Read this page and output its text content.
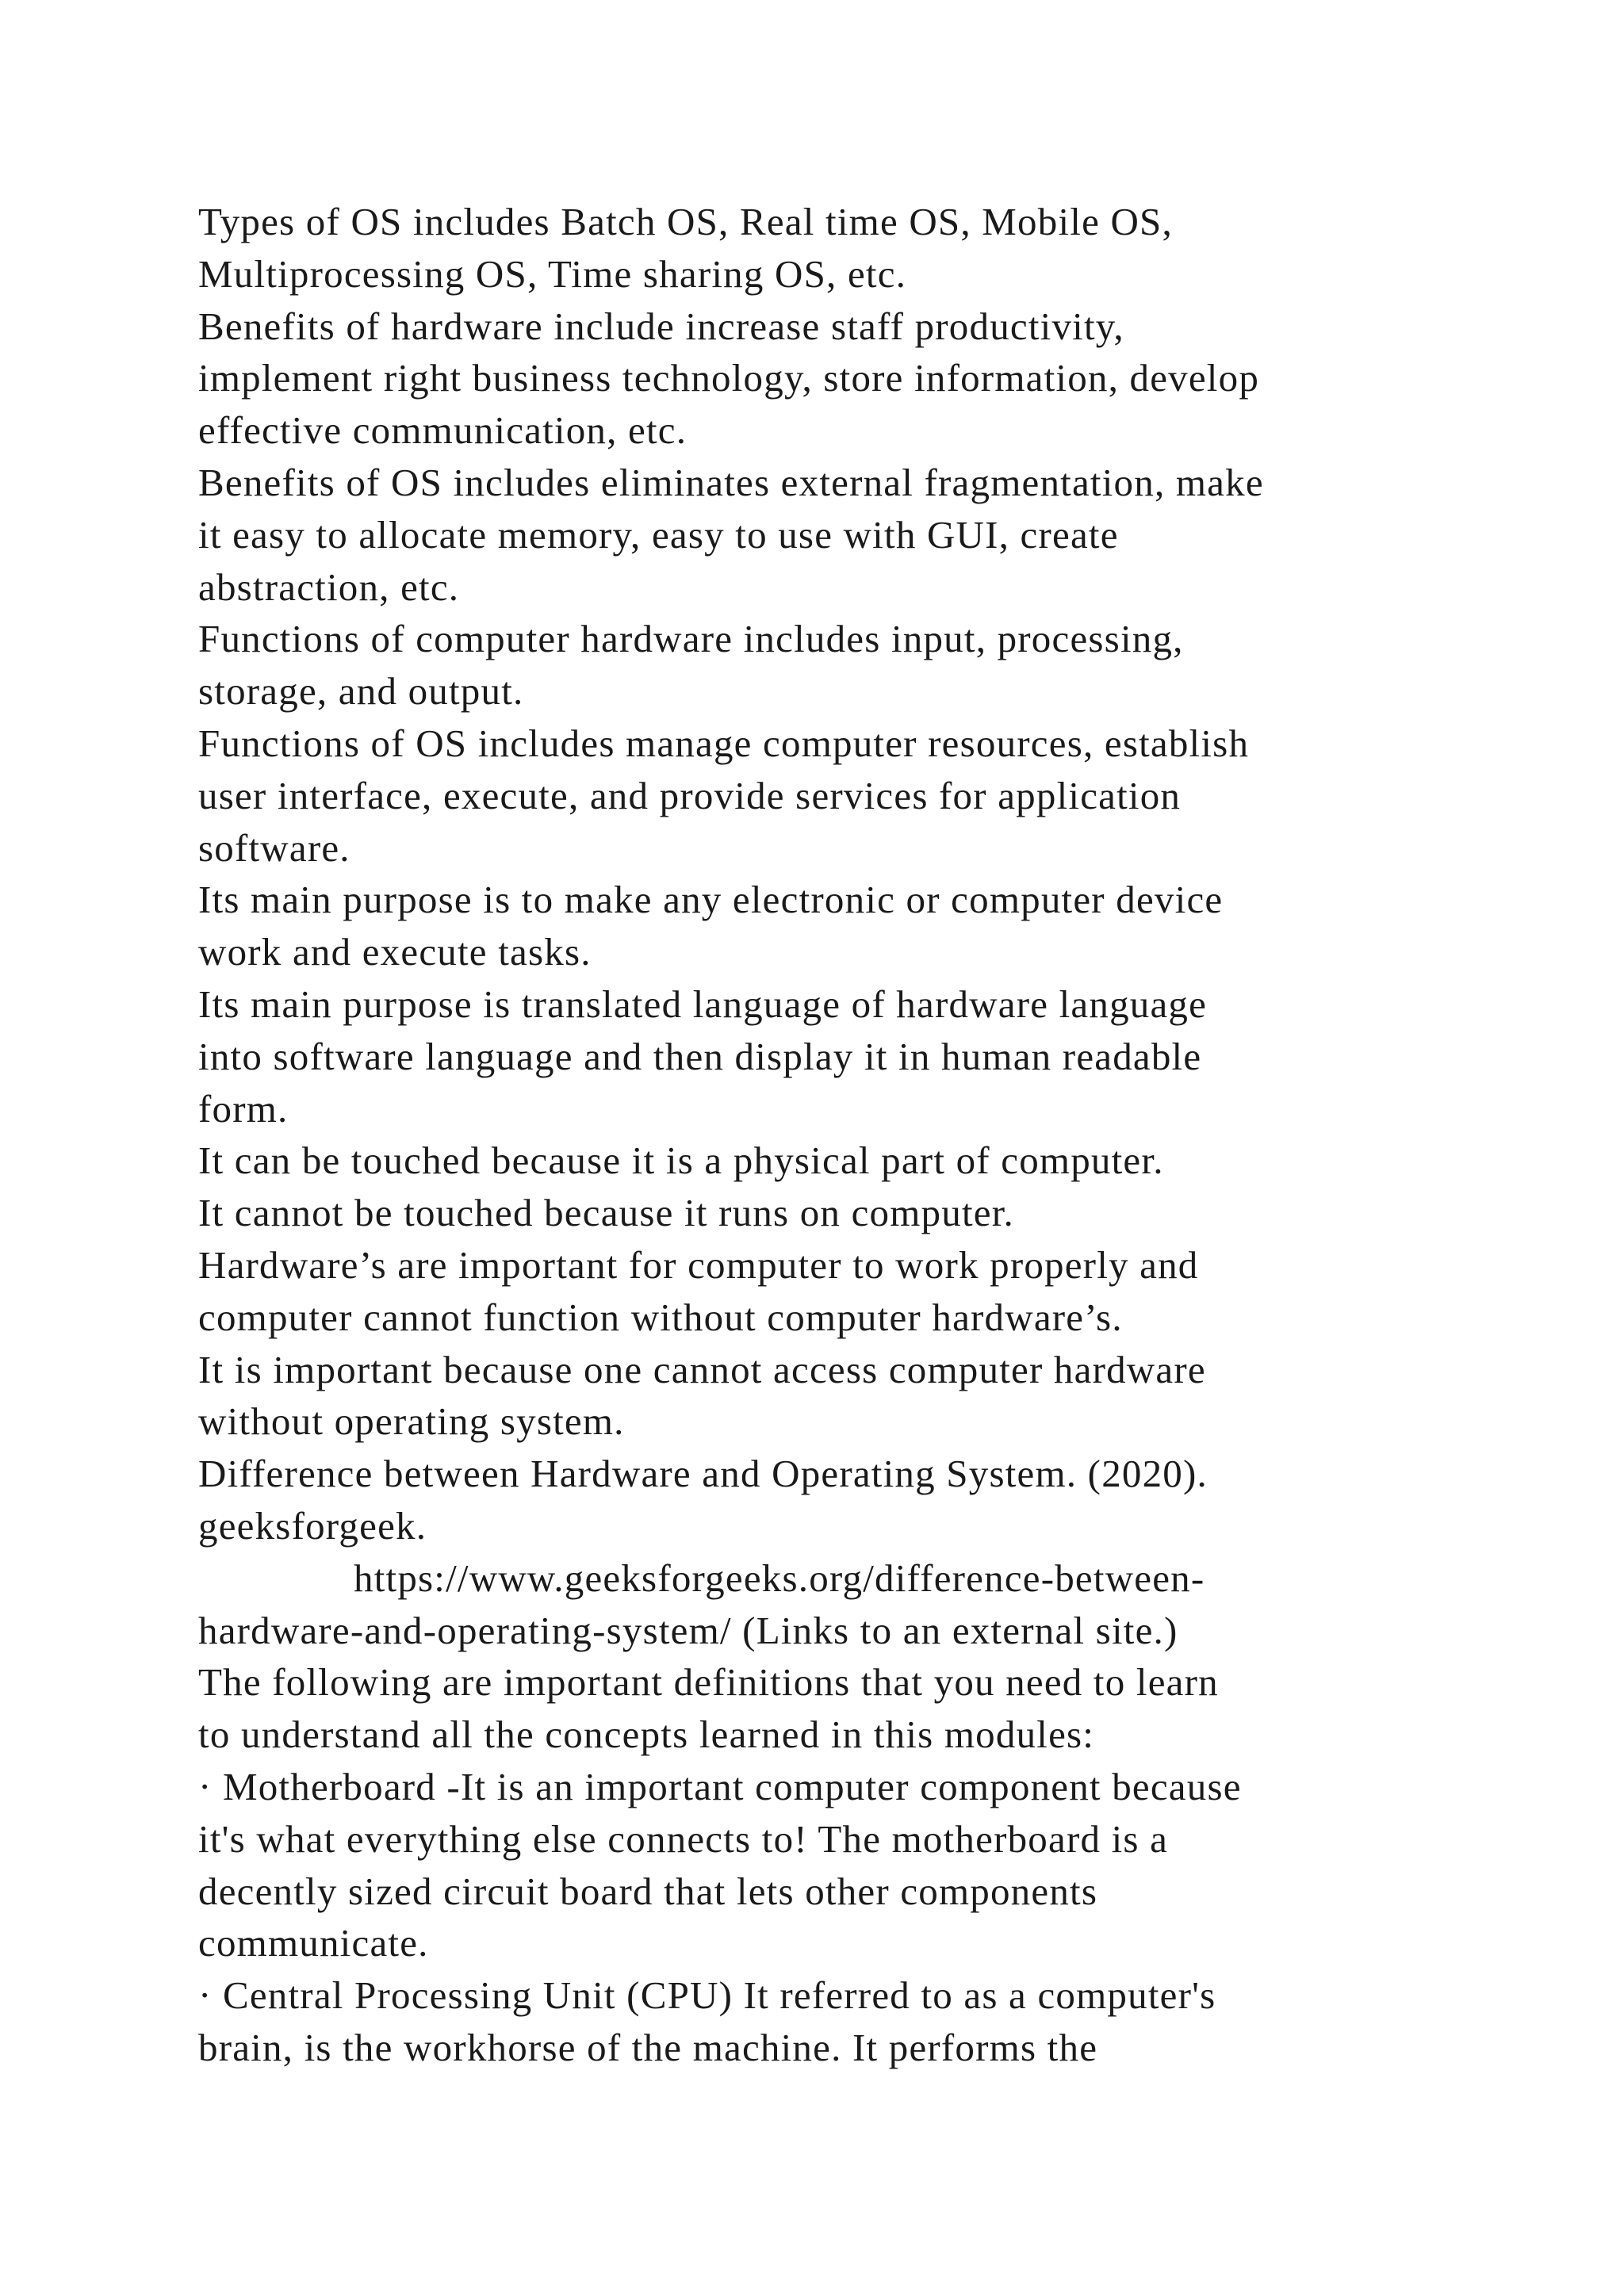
Types of OS includes Batch OS, Real time OS, Mobile OS,
Multiprocessing OS, Time sharing OS, etc.
Benefits of hardware include increase staff productivity,
implement right business technology, store information, develop
effective communication, etc.
Benefits of OS includes eliminates external fragmentation, make
it easy to allocate memory, easy to use with GUI, create
abstraction, etc.
Functions of computer hardware includes input, processing,
storage, and output.
Functions of OS includes manage computer resources, establish
user interface, execute, and provide services for application
software.
Its main purpose is to make any electronic or computer device
work and execute tasks.
Its main purpose is translated language of hardware language
into software language and then display it in human readable
form.
It can be touched because it is a physical part of computer.
It cannot be touched because it runs on computer.
Hardware’s are important for computer to work properly and
computer cannot function without computer hardware’s.
It is important because one cannot access computer hardware
without operating system.
Difference between Hardware and Operating System. (2020).
geeksforgeek.
https://www.geeksforgeeks.org/difference-between-
hardware-and-operating-system/ (Links to an external site.)
The following are important definitions that you need to learn
to understand all the concepts learned in this modules:
· Motherboard -It is an important computer component because
it's what everything else connects to! The motherboard is a
decently sized circuit board that lets other components
communicate.
· Central Processing Unit (CPU) It referred to as a computer's
brain, is the workhorse of the machine. It performs the
